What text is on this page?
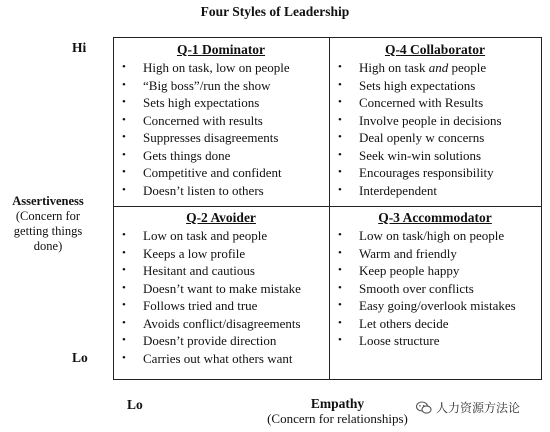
Four Styles of Leadership
Hi
Lo
Assertiveness
(Concern for
getting things
done)
Q-1 Dominator
• High on task, low on people
• “Big boss”/run the show
• Sets high expectations
• Concerned with results
• Suppresses disagreements
• Gets things done
• Competitive and confident
• Doesn’t listen to others
Q-4 Collaborator
• High on task and people
• Sets high expectations
• Concerned with Results
• Involve people in decisions
• Deal openly w concerns
• Seek win-win solutions
• Encourages responsibility
• Interdependent
Q-2 Avoider
• Low on task and people
• Keeps a low profile
• Hesitant and cautious
• Doesn’t want to make mistake
• Follows tried and true
• Avoids conflict/disagreements
• Doesn’t provide direction
• Carries out what others want
Q-3 Accommodator
• Low on task/high on people
• Warm and friendly
• Keep people happy
• Smooth over conflicts
• Easy going/overlook mistakes
• Let others decide
• Loose structure
Lo	Empathy
(Concern for relationships)
人力资源方法论
